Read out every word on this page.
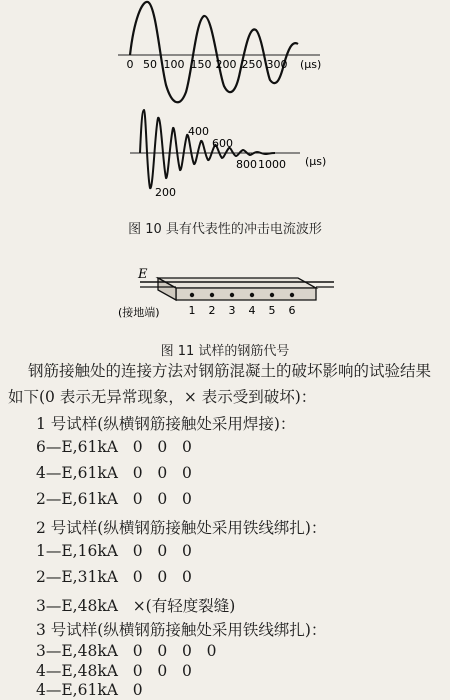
0 50 100 150 200 250 300 (μs)
400
600
800 1000
200
(μs)
图 10 具有代表性的冲击电流波形
E
(接地端)	1 2 3 4 5 6
图 11 试样的钢筋代号
钢筋接触处的连接方法对钢筋混凝土的破坏影响的试验结果
如下(0 表示无异常现象，× 表示受到破坏)：
1 号试样(纵横钢筋接触处采用焊接)：
6—E,61kA   0   0   0
4—E,61kA   0   0   0
2—E,61kA   0   0   0
2 号试样(纵横钢筋接触处采用铁线绑扎)：
1—E,16kA   0   0   0
2—E,31kA   0   0   0
3—E,48kA   ×(有轻度裂缝)
3 号试样(纵横钢筋接触处采用铁线绑扎)：
3—E,48kA   0   0   0   0
4—E,48kA   0   0   0
4—E,61kA   0
